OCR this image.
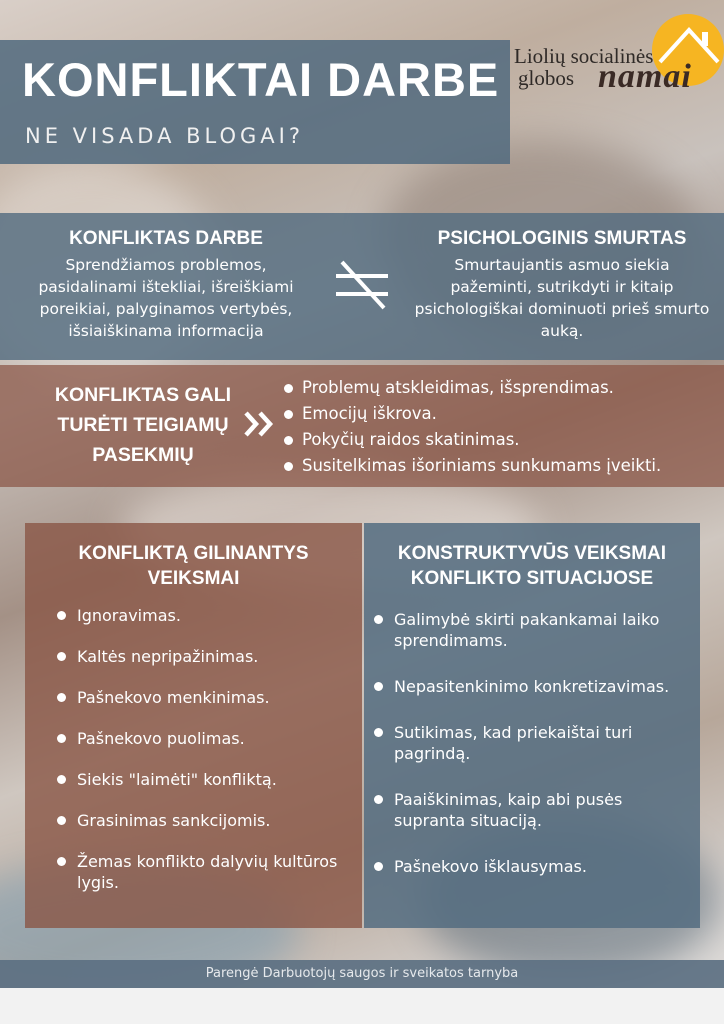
KONFLIKTAI DARBE
NE VISADA BLOGAI?
Liolių socialinės
globos namai
KONFLIKTAS DARBE
Sprendžiamos problemos, pasidalinami ištekliai, išreiškiami poreikiai, palyginamos vertybės, išsiaiškinama informacija
PSICHOLOGINIS SMURTAS
Smurtaujantis asmuo siekia pažeminti, sutrikdyti ir kitaip psichologiškai dominuoti prieš smurto auką.
KONFLIKTAS GALI
TURĖTI TEIGIAMŲ
PASEKMIŲ
Problemų atskleidimas, išsprendimas.
Emocijų iškrova.
Pokyčių raidos skatinimas.
Susitelkimas išoriniams sunkumams įveikti.
KONFLIKTĄ GILINANTYS
VEIKSMAI
Ignoravimas.
Kaltės nepripažinimas.
Pašnekovo menkinimas.
Pašnekovo puolimas.
Siekis "laimėti" konfliktą.
Grasinimas sankcijomis.
Žemas konflikto dalyvių kultūros lygis.
KONSTRUKTYVŪS VEIKSMAI
KONFLIKTO SITUACIJOSE
Galimybė skirti pakankamai laiko sprendimams.
Nepasitenkinimo konkretizavimas.
Sutikimas, kad priekaištai turi pagrindą.
Paaiškinimas, kaip abi pusės supranta situaciją.
Pašnekovo išklausymas.
Parengė Darbuotojų saugos ir sveikatos tarnyba
